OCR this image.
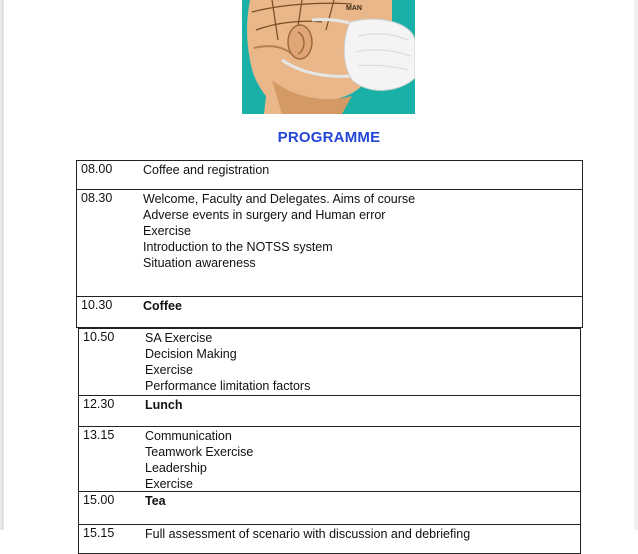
MAN
PROGRAMME
08.00 Coffee and registration
08.30 Welcome, Faculty and Delegates. Aims of course
Adverse events in surgery and Human error
Exercise
Introduction to the NOTSS system
Situation awareness
10.30 Coffee
10.50 SA Exercise
Decision Making
Exercise
Performance limitation factors
12.30 Lunch
13.15 Communication
Teamwork Exercise
Leadership
Exercise
15.00 Tea
15.15 Full assessment of scenario with discussion and debriefing
